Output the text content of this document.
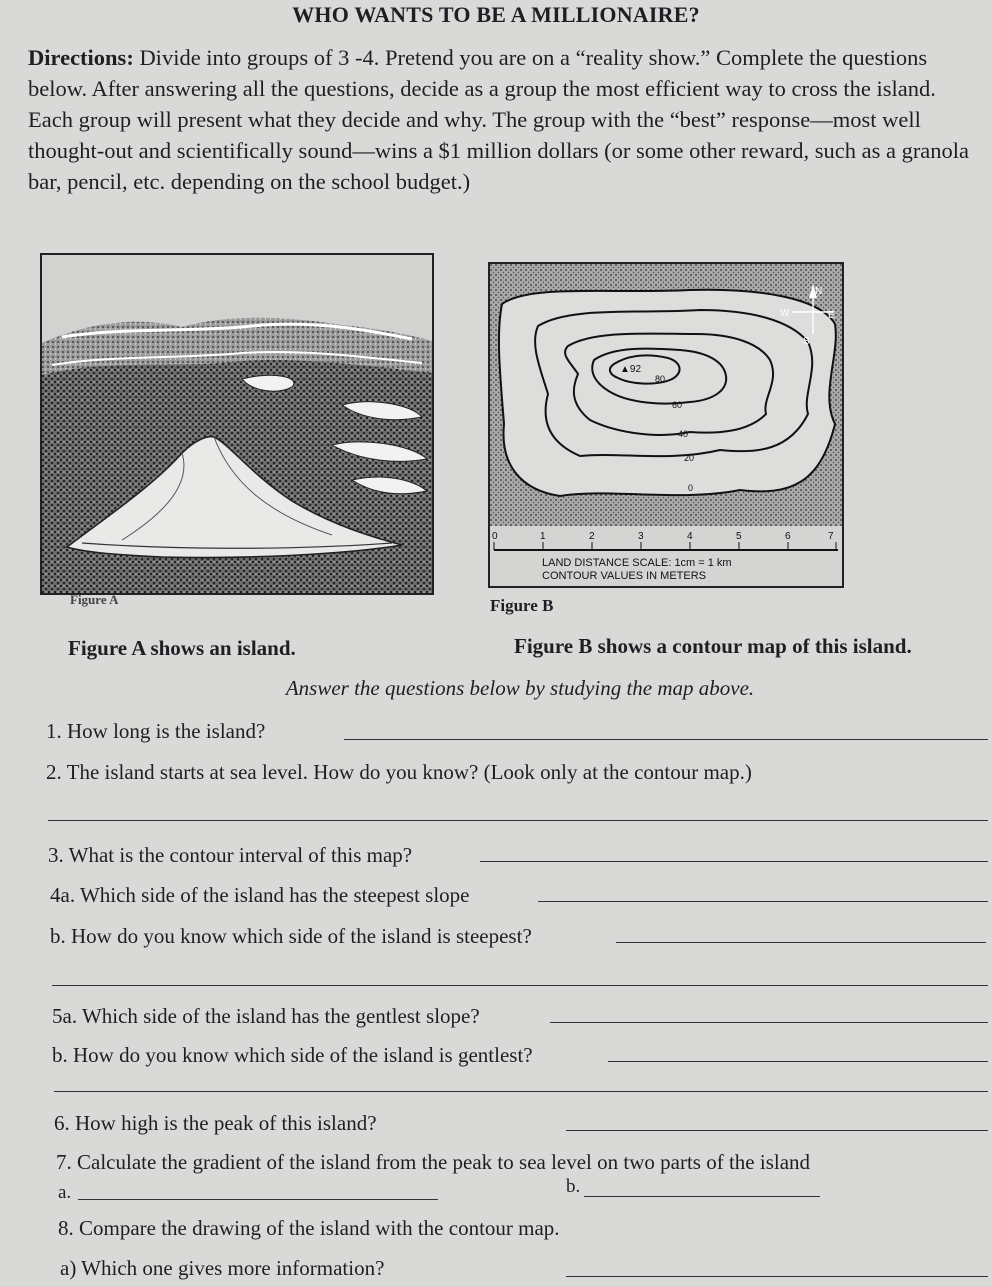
WHO WANTS TO BE A MILLIONAIRE?
Directions: Divide into groups of 3 -4. Pretend you are on a “reality show.” Complete the questions below. After answering all the questions, decide as a group the most efficient way to cross the island. Each group will present what they decide and why. The group with the “best” response—most well thought-out and scientifically sound—wins a $1 million dollars (or some other reward, such as a granola bar, pencil, etc. depending on the school budget.)
Figure A
▲92
80
60
40
20
0
N
E
S
W
0	1	2	3	4	5	6	7
LAND DISTANCE SCALE: 1cm = 1 km
CONTOUR VALUES IN METERS
Figure B
Figure A shows an island.	Figure B shows a contour map of this island.
Answer the questions below by studying the map above.
1. How long is the island?
2. The island starts at sea level. How do you know? (Look only at the contour map.)
3. What is the contour interval of this map?
4a. Which side of the island has the steepest slope
b. How do you know which side of the island is steepest?
5a. Which side of the island has the gentlest slope?
b. How do you know which side of the island is gentlest?
6. How high is the peak of this island?
7. Calculate the gradient of the island from the peak to sea level on two parts of the island
a.	b.
8. Compare the drawing of the island with the contour map.
a) Which one gives more information?
